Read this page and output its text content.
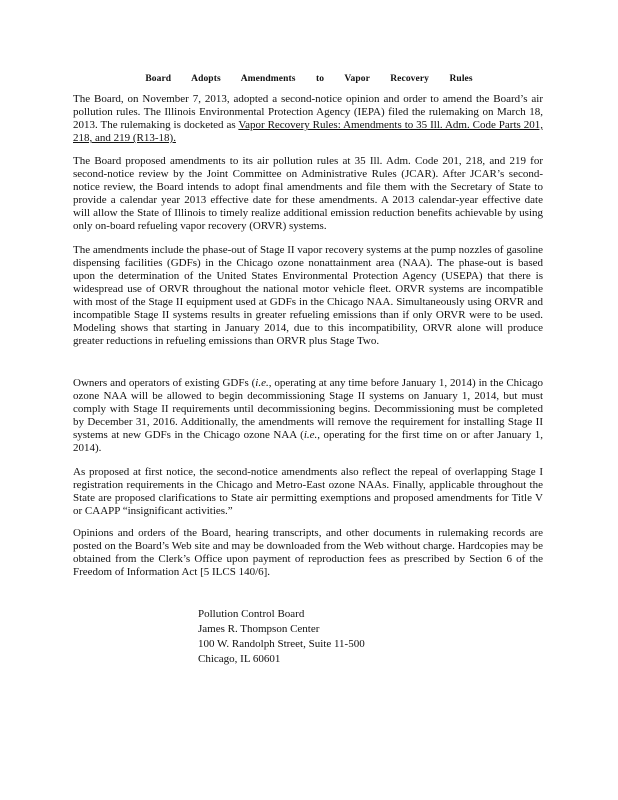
Board Adopts Amendments to Vapor Recovery Rules

The Board, on November 7, 2013, adopted a second-notice opinion and order to amend the Board’s air pollution rules. The Illinois Environmental Protection Agency (IEPA) filed the rulemaking on March 18, 2013. The rulemaking is docketed as Vapor Recovery Rules: Amendments to 35 Ill. Adm. Code Parts 201, 218, and 219 (R13-18).

The Board proposed amendments to its air pollution rules at 35 Ill. Adm. Code 201, 218, and 219 for second-notice review by the Joint Committee on Administrative Rules (JCAR). After JCAR’s second-notice review, the Board intends to adopt final amendments and file them with the Secretary of State to provide a calendar year 2013 effective date for these amendments. A 2013 calendar-year effective date will allow the State of Illinois to timely realize additional emission reduction benefits achievable by using only on-board refueling vapor recovery (ORVR) systems.

The amendments include the phase-out of Stage II vapor recovery systems at the pump nozzles of gasoline dispensing facilities (GDFs) in the Chicago ozone nonattainment area (NAA). The phase-out is based upon the determination of the United States Environmental Protection Agency (USEPA) that there is widespread use of ORVR throughout the national motor vehicle fleet. ORVR systems are incompatible with most of the Stage II equipment used at GDFs in the Chicago NAA. Simultaneously using ORVR and incompatible Stage II systems results in greater refueling emissions than if only ORVR were to be used. Modeling shows that starting in January 2014, due to this incompatibility, ORVR alone will produce greater reductions in refueling emissions than ORVR plus Stage Two.

Owners and operators of existing GDFs (i.e., operating at any time before January 1, 2014) in the Chicago ozone NAA will be allowed to begin decommissioning Stage II systems on January 1, 2014, but must comply with Stage II requirements until decommissioning begins. Decommissioning must be completed by December 31, 2016. Additionally, the amendments will remove the requirement for installing Stage II systems at new GDFs in the Chicago ozone NAA (i.e., operating for the first time on or after January 1, 2014).

As proposed at first notice, the second-notice amendments also reflect the repeal of overlapping Stage I registration requirements in the Chicago and Metro-East ozone NAAs. Finally, applicable throughout the State are proposed clarifications to State air permitting exemptions and proposed amendments for Title V or CAAPP “insignificant activities.”

Opinions and orders of the Board, hearing transcripts, and other documents in rulemaking records are posted on the Board’s Web site and may be downloaded from the Web without charge. Hardcopies may be obtained from the Clerk’s Office upon payment of reproduction fees as prescribed by Section 6 of the Freedom of Information Act [5 ILCS 140/6].

Pollution Control Board
James R. Thompson Center
100 W. Randolph Street, Suite 11-500
Chicago, IL 60601
